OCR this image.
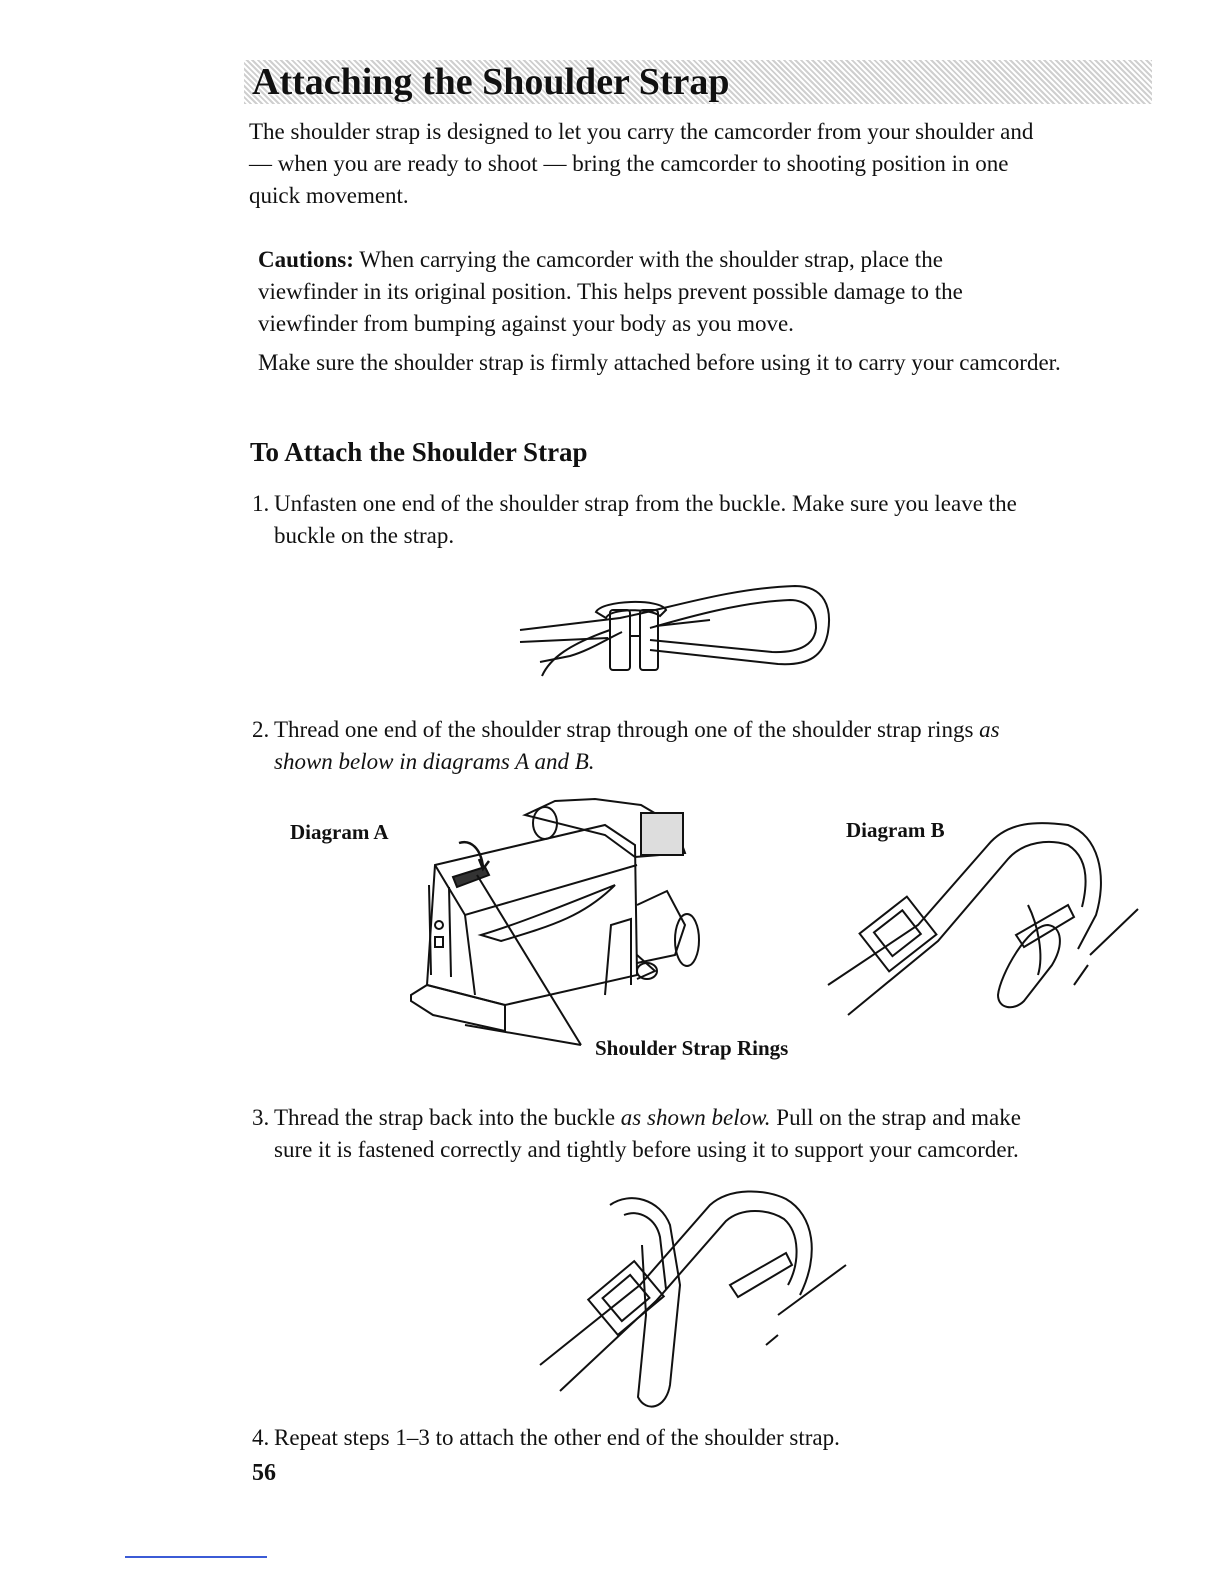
Attaching the Shoulder Strap

The shoulder strap is designed to let you carry the camcorder from your shoulder and
— when you are ready to shoot — bring the camcorder to shooting position in one
quick movement.

Cautions: When carrying the camcorder with the shoulder strap, place the
viewfinder in its original position. This helps prevent possible damage to the
viewfinder from bumping against your body as you move.

Make sure the shoulder strap is firmly attached before using it to carry your camcorder.

To Attach the Shoulder Strap

1. Unfasten one end of the shoulder strap from the buckle. Make sure you leave the
buckle on the strap.

2. Thread one end of the shoulder strap through one of the shoulder strap rings as
shown below in diagrams A and B.

Diagram A	Diagram B

Shoulder Strap Rings

3. Thread the strap back into the buckle as shown below. Pull on the strap and make
sure it is fastened correctly and tightly before using it to support your camcorder.

4. Repeat steps 1–3 to attach the other end of the shoulder strap.

56
